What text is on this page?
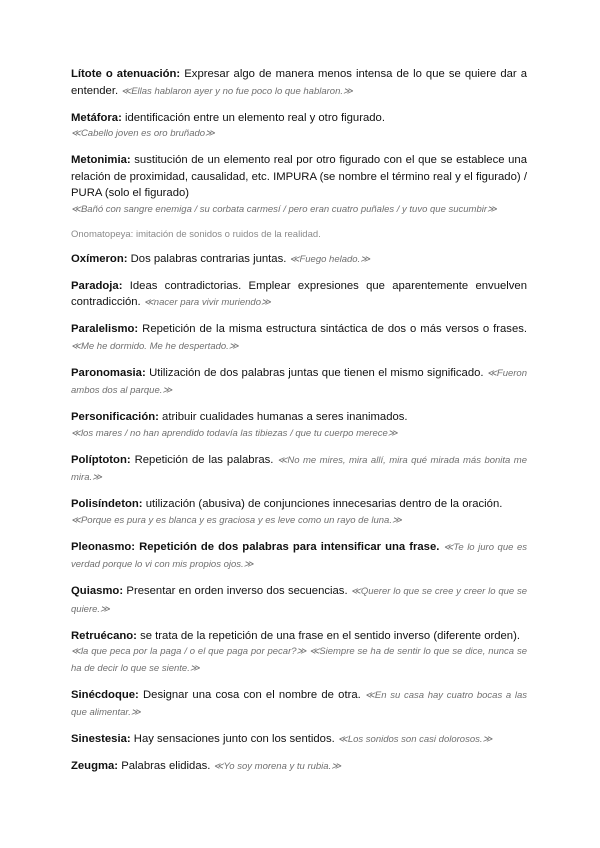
Lítote o atenuación: Expresar algo de manera menos intensa de lo que se quiere dar a entender. ≪Ellas hablaron ayer y no fue poco lo que hablaron.≫
Metáfora: identificación entre un elemento real y otro figurado.
≪Cabello joven es oro bruñado≫
Metonimia: sustitución de un elemento real por otro figurado con el que se establece una relación de proximidad, causalidad, etc. IMPURA (se nombre el término real y el figurado) / PURA (solo el figurado)
≪Bañó con sangre enemiga / su corbata carmesí / pero eran cuatro puñales / y tuvo que sucumbir≫
Onomatopeya: imitación de sonidos o ruidos de la realidad.
Oxímeron: Dos palabras contrarias juntas. ≪Fuego helado.≫
Paradoja: Ideas contradictorias. Emplear expresiones que aparentemente envuelven contradicción. ≪nacer para vivir muriendo≫
Paralelismo: Repetición de la misma estructura sintáctica de dos o más versos o frases. ≪Me he dormido. Me he despertado.≫
Paronomasia: Utilización de dos palabras juntas que tienen el mismo significado. ≪Fueron ambos dos al parque.≫
Personificación: atribuir cualidades humanas a seres inanimados.
≪los mares / no han aprendido todavía las tibiezas / que tu cuerpo merece≫
Políptoton: Repetición de las palabras. ≪No me mires, mira allí, mira qué mirada más bonita me mira.≫
Polisíndeton: utilización (abusiva) de conjunciones innecesarias dentro de la oración.
≪Porque es pura y es blanca y es graciosa y es leve como un rayo de luna.≫
Pleonasmo: Repetición de dos palabras para intensificar una frase. ≪Te lo juro que es verdad porque lo vi con mis propios ojos.≫
Quiasmo: Presentar en orden inverso dos secuencias. ≪Querer lo que se cree y creer lo que se quiere.≫
Retruécano: se trata de la repetición de una frase en el sentido inverso (diferente orden).
≪la que peca por la paga / o el que paga por pecar?≫ ≪Siempre se ha de sentir lo que se dice, nunca se ha de decir lo que se siente.≫
Sinécdoque: Designar una cosa con el nombre de otra. ≪En su casa hay cuatro bocas a las que alimentar.≫
Sinestesia: Hay sensaciones junto con los sentidos. ≪Los sonidos son casi dolorosos.≫
Zeugma: Palabras elididas. ≪Yo soy morena y tu rubia.≫
